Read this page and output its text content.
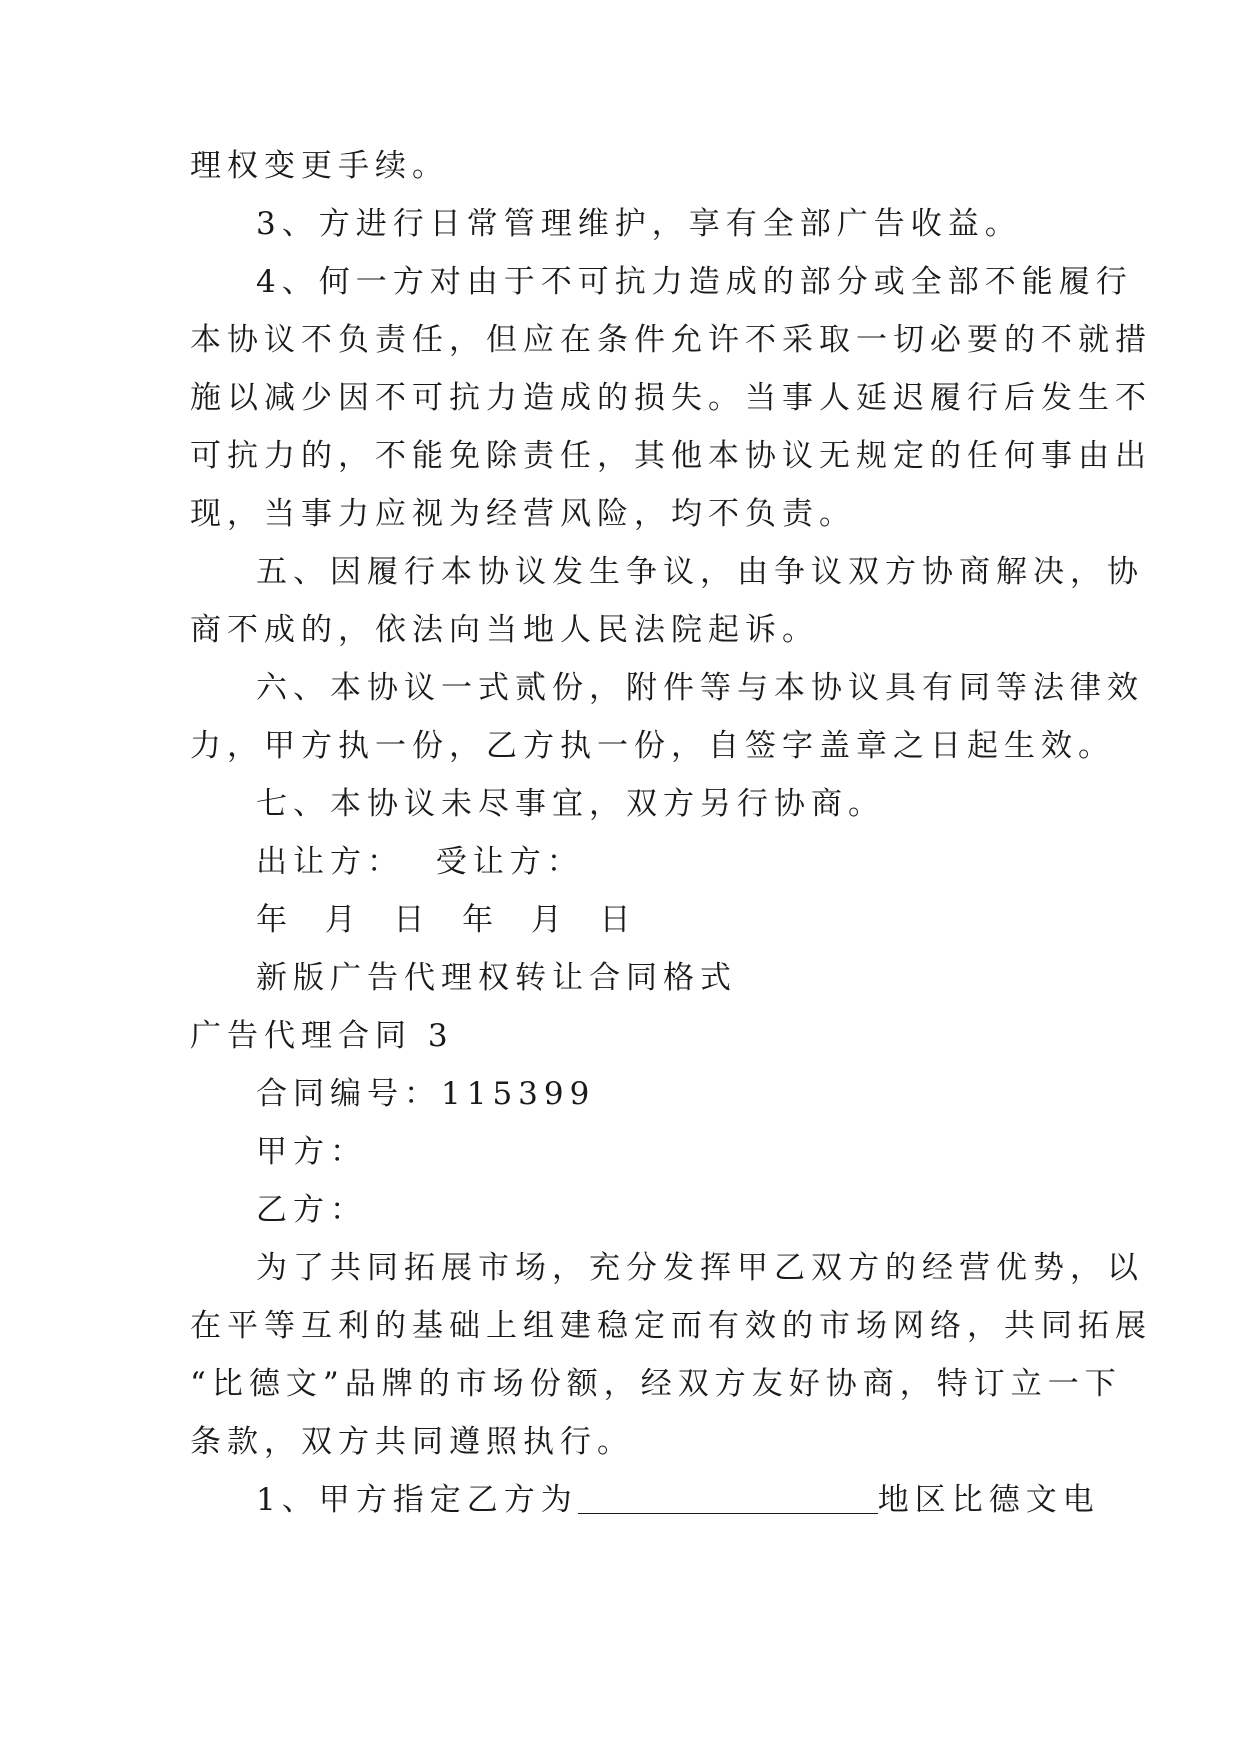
理权变更手续。
3、方进行日常管理维护，享有全部广告收益。
4、何一方对由于不可抗力造成的部分或全部不能履行
本协议不负责任，但应在条件允许不采取一切必要的不就措
施以减少因不可抗力造成的损失。当事人延迟履行后发生不
可抗力的，不能免除责任，其他本协议无规定的任何事由出
现，当事力应视为经营风险，均不负责。
五、因履行本协议发生争议，由争议双方协商解决，协
商不成的，依法向当地人民法院起诉。
六、本协议一式贰份，附件等与本协议具有同等法律效
力，甲方执一份，乙方执一份，自签字盖章之日起生效。
七、本协议未尽事宜，双方另行协商。
出让方：  受让方：
年  月  日  年  月  日
新版广告代理权转让合同格式
广告代理合同 3
合同编号：115399
甲方：
乙方：
为了共同拓展市场，充分发挥甲乙双方的经营优势，以
在平等互利的基础上组建稳定而有效的市场网络，共同拓展
“比德文”品牌的市场份额，经双方友好协商，特订立一下
条款，双方共同遵照执行。
1、甲方指定乙方为	地区比德文电
